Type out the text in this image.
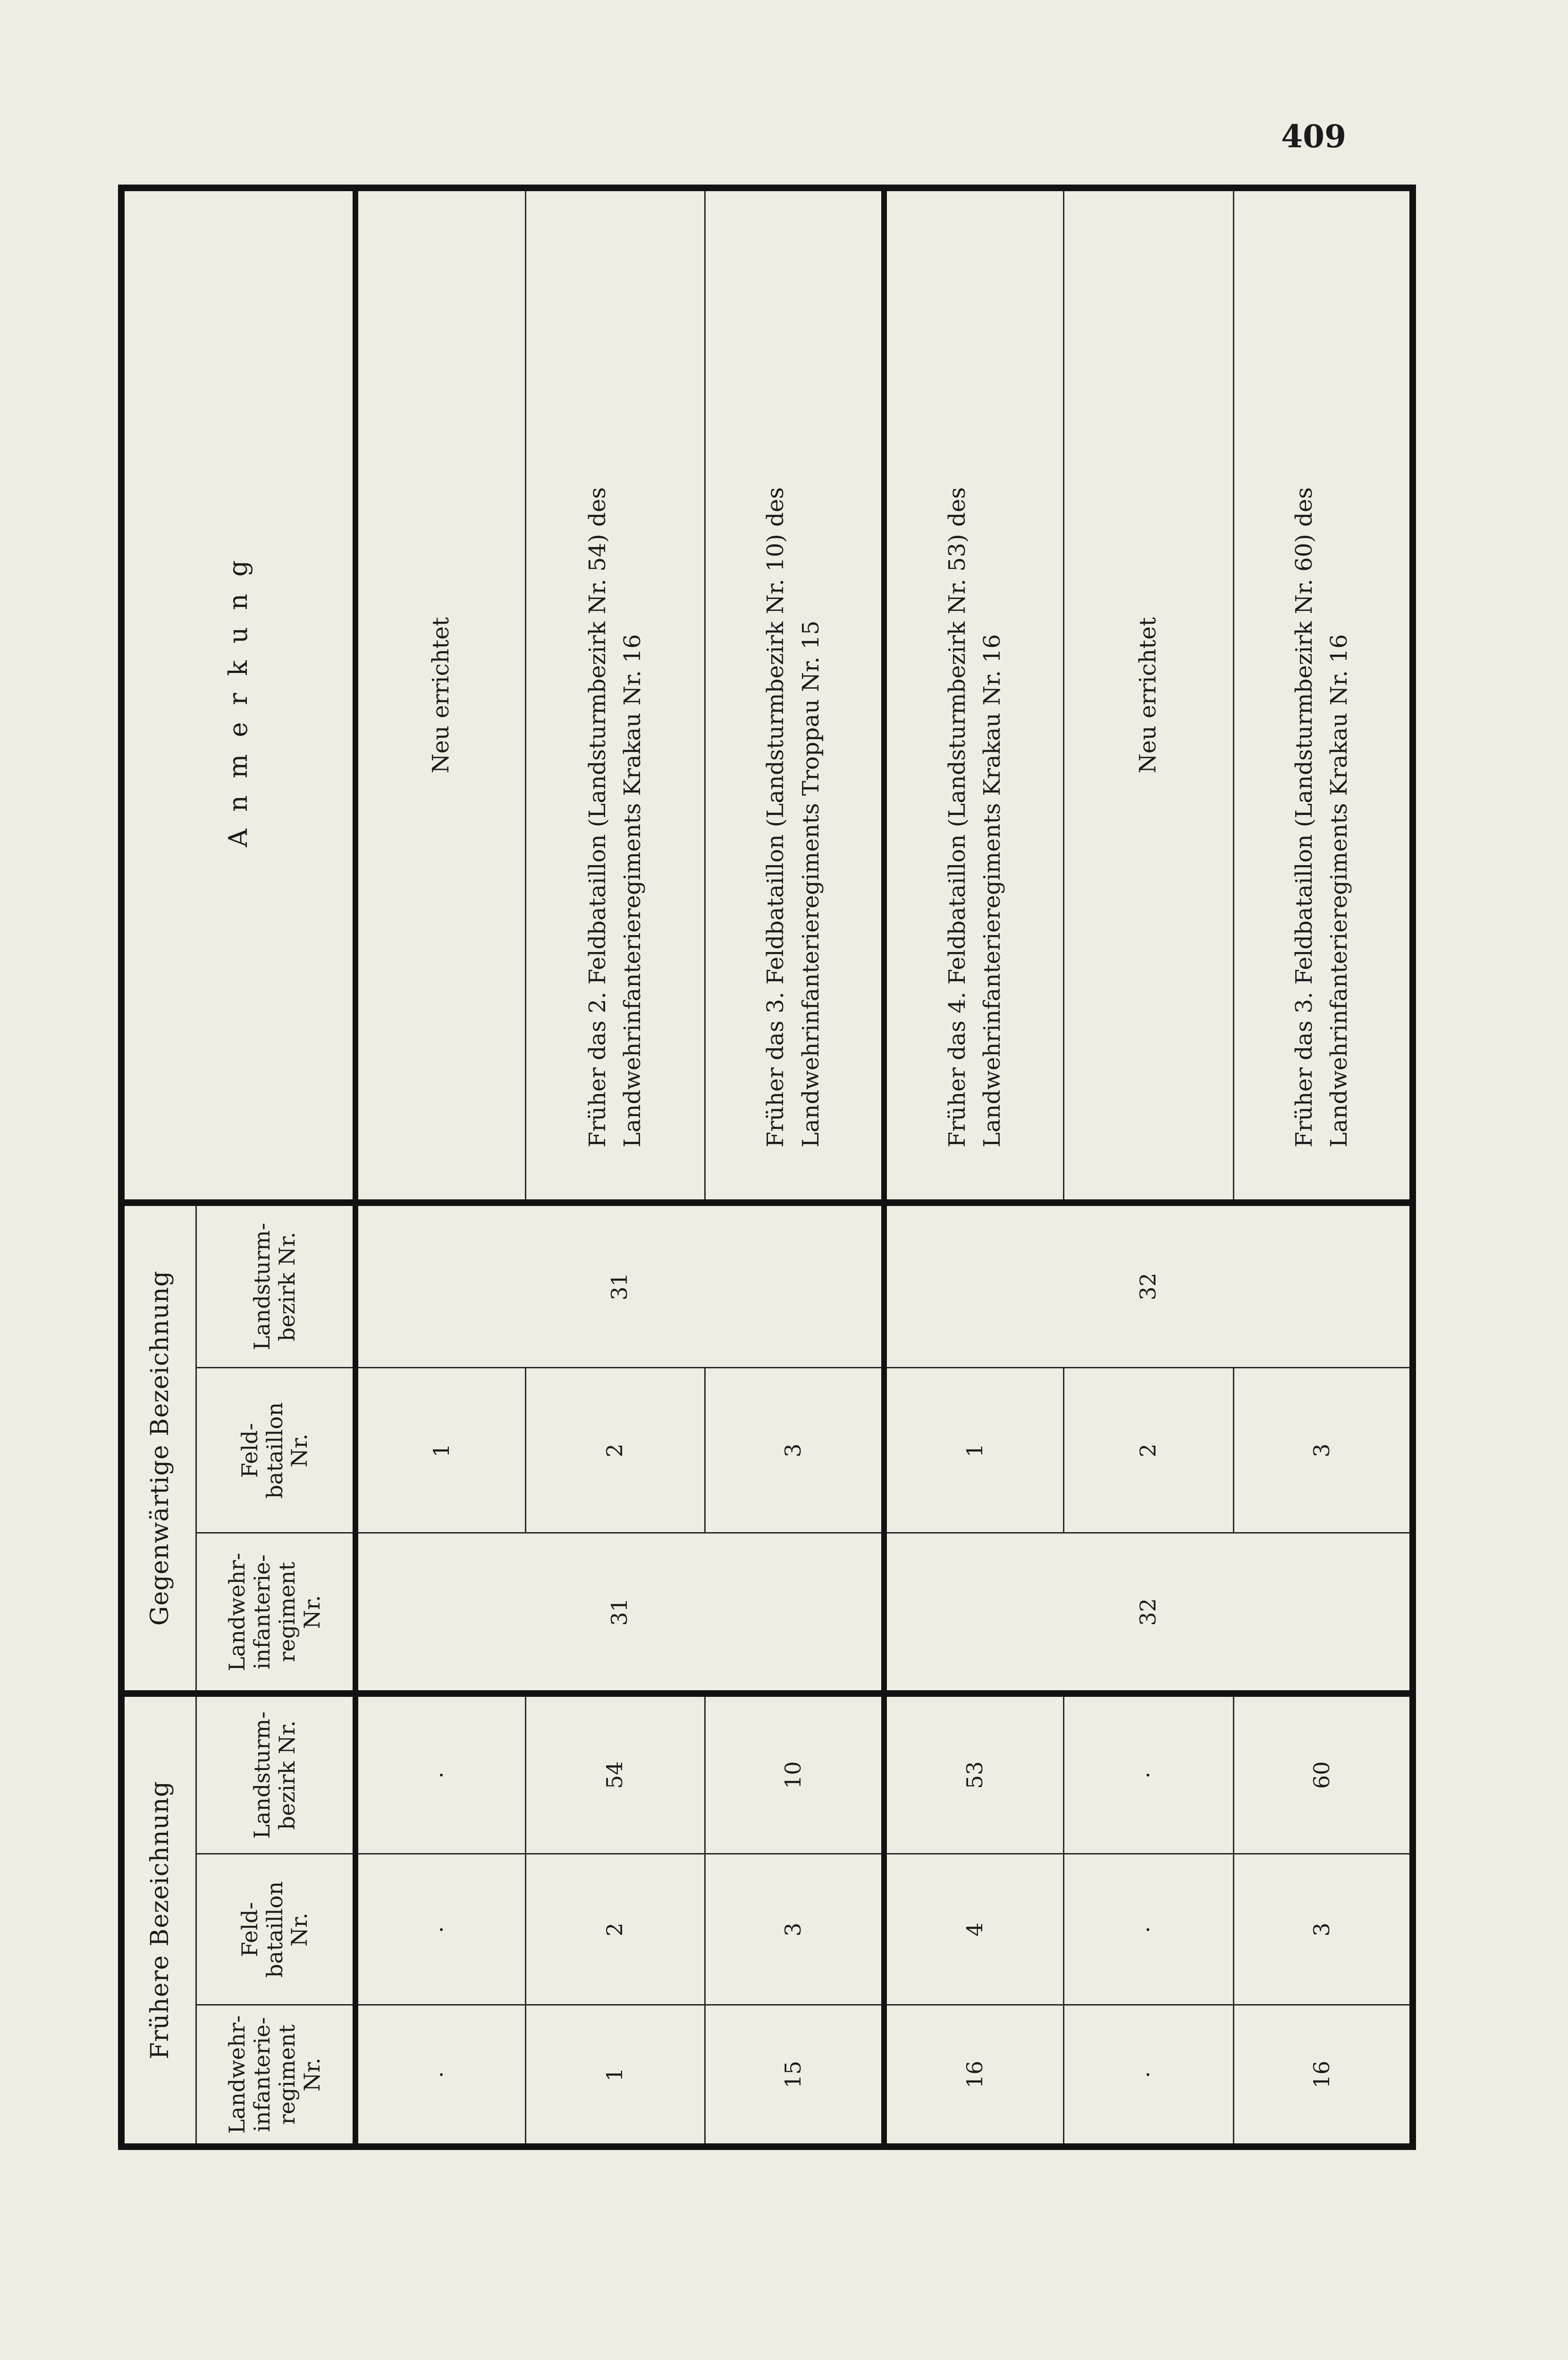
409
Frühere Bezeichnung			Gegenwärtige Bezeichnung			Anmerkung
Landwehr-
infanterie-
regiment
Nr.	Feld-
bataillon
Nr.	Landsturm-
bezirk Nr.	Landwehr-
infanterie-
regiment
Nr.	Feld-
bataillon
Nr.	Landsturm-
bezirk Nr.	
·	·	·	31	1	31	Neu errichtet
1	2	54		2		Früher das 2. Feldbataillon (Landsturmbezirk Nr. 54) des Landwehrinfanterieregiments Krakau Nr. 16
15	3	10		3		Früher das 3. Feldbataillon (Landsturmbezirk Nr. 10) des Landwehrinfanterieregiments Troppau Nr. 15
16	4	53	32	1	32	Früher das 4. Feldbataillon (Landsturmbezirk Nr. 53) des Landwehrinfanterieregiments Krakau Nr. 16
·	·	·		2		Neu errichtet
16	3	60		3		Früher das 3. Feldbataillon (Landsturmbezirk Nr. 60) des Landwehrinfanterieregiments Krakau Nr. 16
